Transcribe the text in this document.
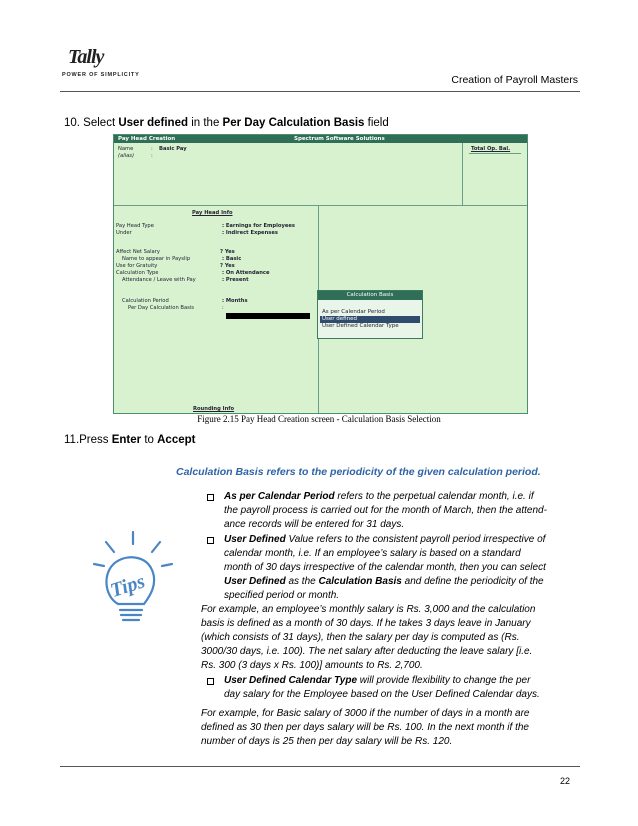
Tally
POWER OF SIMPLICITY	Creation of Payroll Masters
10. Select User defined in the Per Day Calculation Basis field
Pay Head Creation	Spectrum Software Solutions
Name	: Basic Pay
(alias)	:
Total Op. Bal.
Pay Head Info
Pay Head Type	: Earnings for Employees
Under	: Indirect Expenses
Affect Net Salary	? Yes
Name to appear in Payslip	: Basic
Use for Gratuity	? Yes
Calculation Type	: On Attendance
Attendance / Leave with Pay	: Present
Calculation Period	: Months
Per Day Calculation Basis	:
Calculation Basis
As per Calendar Period
User defined
User Defined Calendar Type
Rounding Info
Figure 2.15 Pay Head Creation screen - Calculation Basis Selection
11.Press Enter to Accept
Calculation Basis refers to the periodicity of the given calculation period.
As per Calendar Period refers to the perpetual calendar month, i.e. if
the payroll process is carried out for the month of March, then the attend-
ance records will be entered for 31 days.
User Defined Value refers to the consistent payroll period irrespective of
calendar month, i.e. If an employee’s salary is based on a standard
month of 30 days irrespective of the calendar month, then you can select
User Defined as the Calculation Basis and define the periodicity of the
specified period or month.
For example, an employee’s monthly salary is Rs. 3,000 and the calculation
basis is defined as a month of 30 days. If he takes 3 days leave in January
(which consists of 31 days), then the salary per day is computed as (Rs.
3000/30 days, i.e. 100). The net salary after deducting the leave salary [i.e.
Rs. 300 (3 days x Rs. 100)] amounts to Rs. 2,700.
User Defined Calendar Type will provide flexibility to change the per
day salary for the Employee based on the User Defined Calendar days.
For example, for Basic salary of 3000 if the number of days in a month are
defined as 30 then per days salary will be Rs. 100. In the next month if the
number of days is 25 then per day salary will be Rs. 120.
Tips
22
